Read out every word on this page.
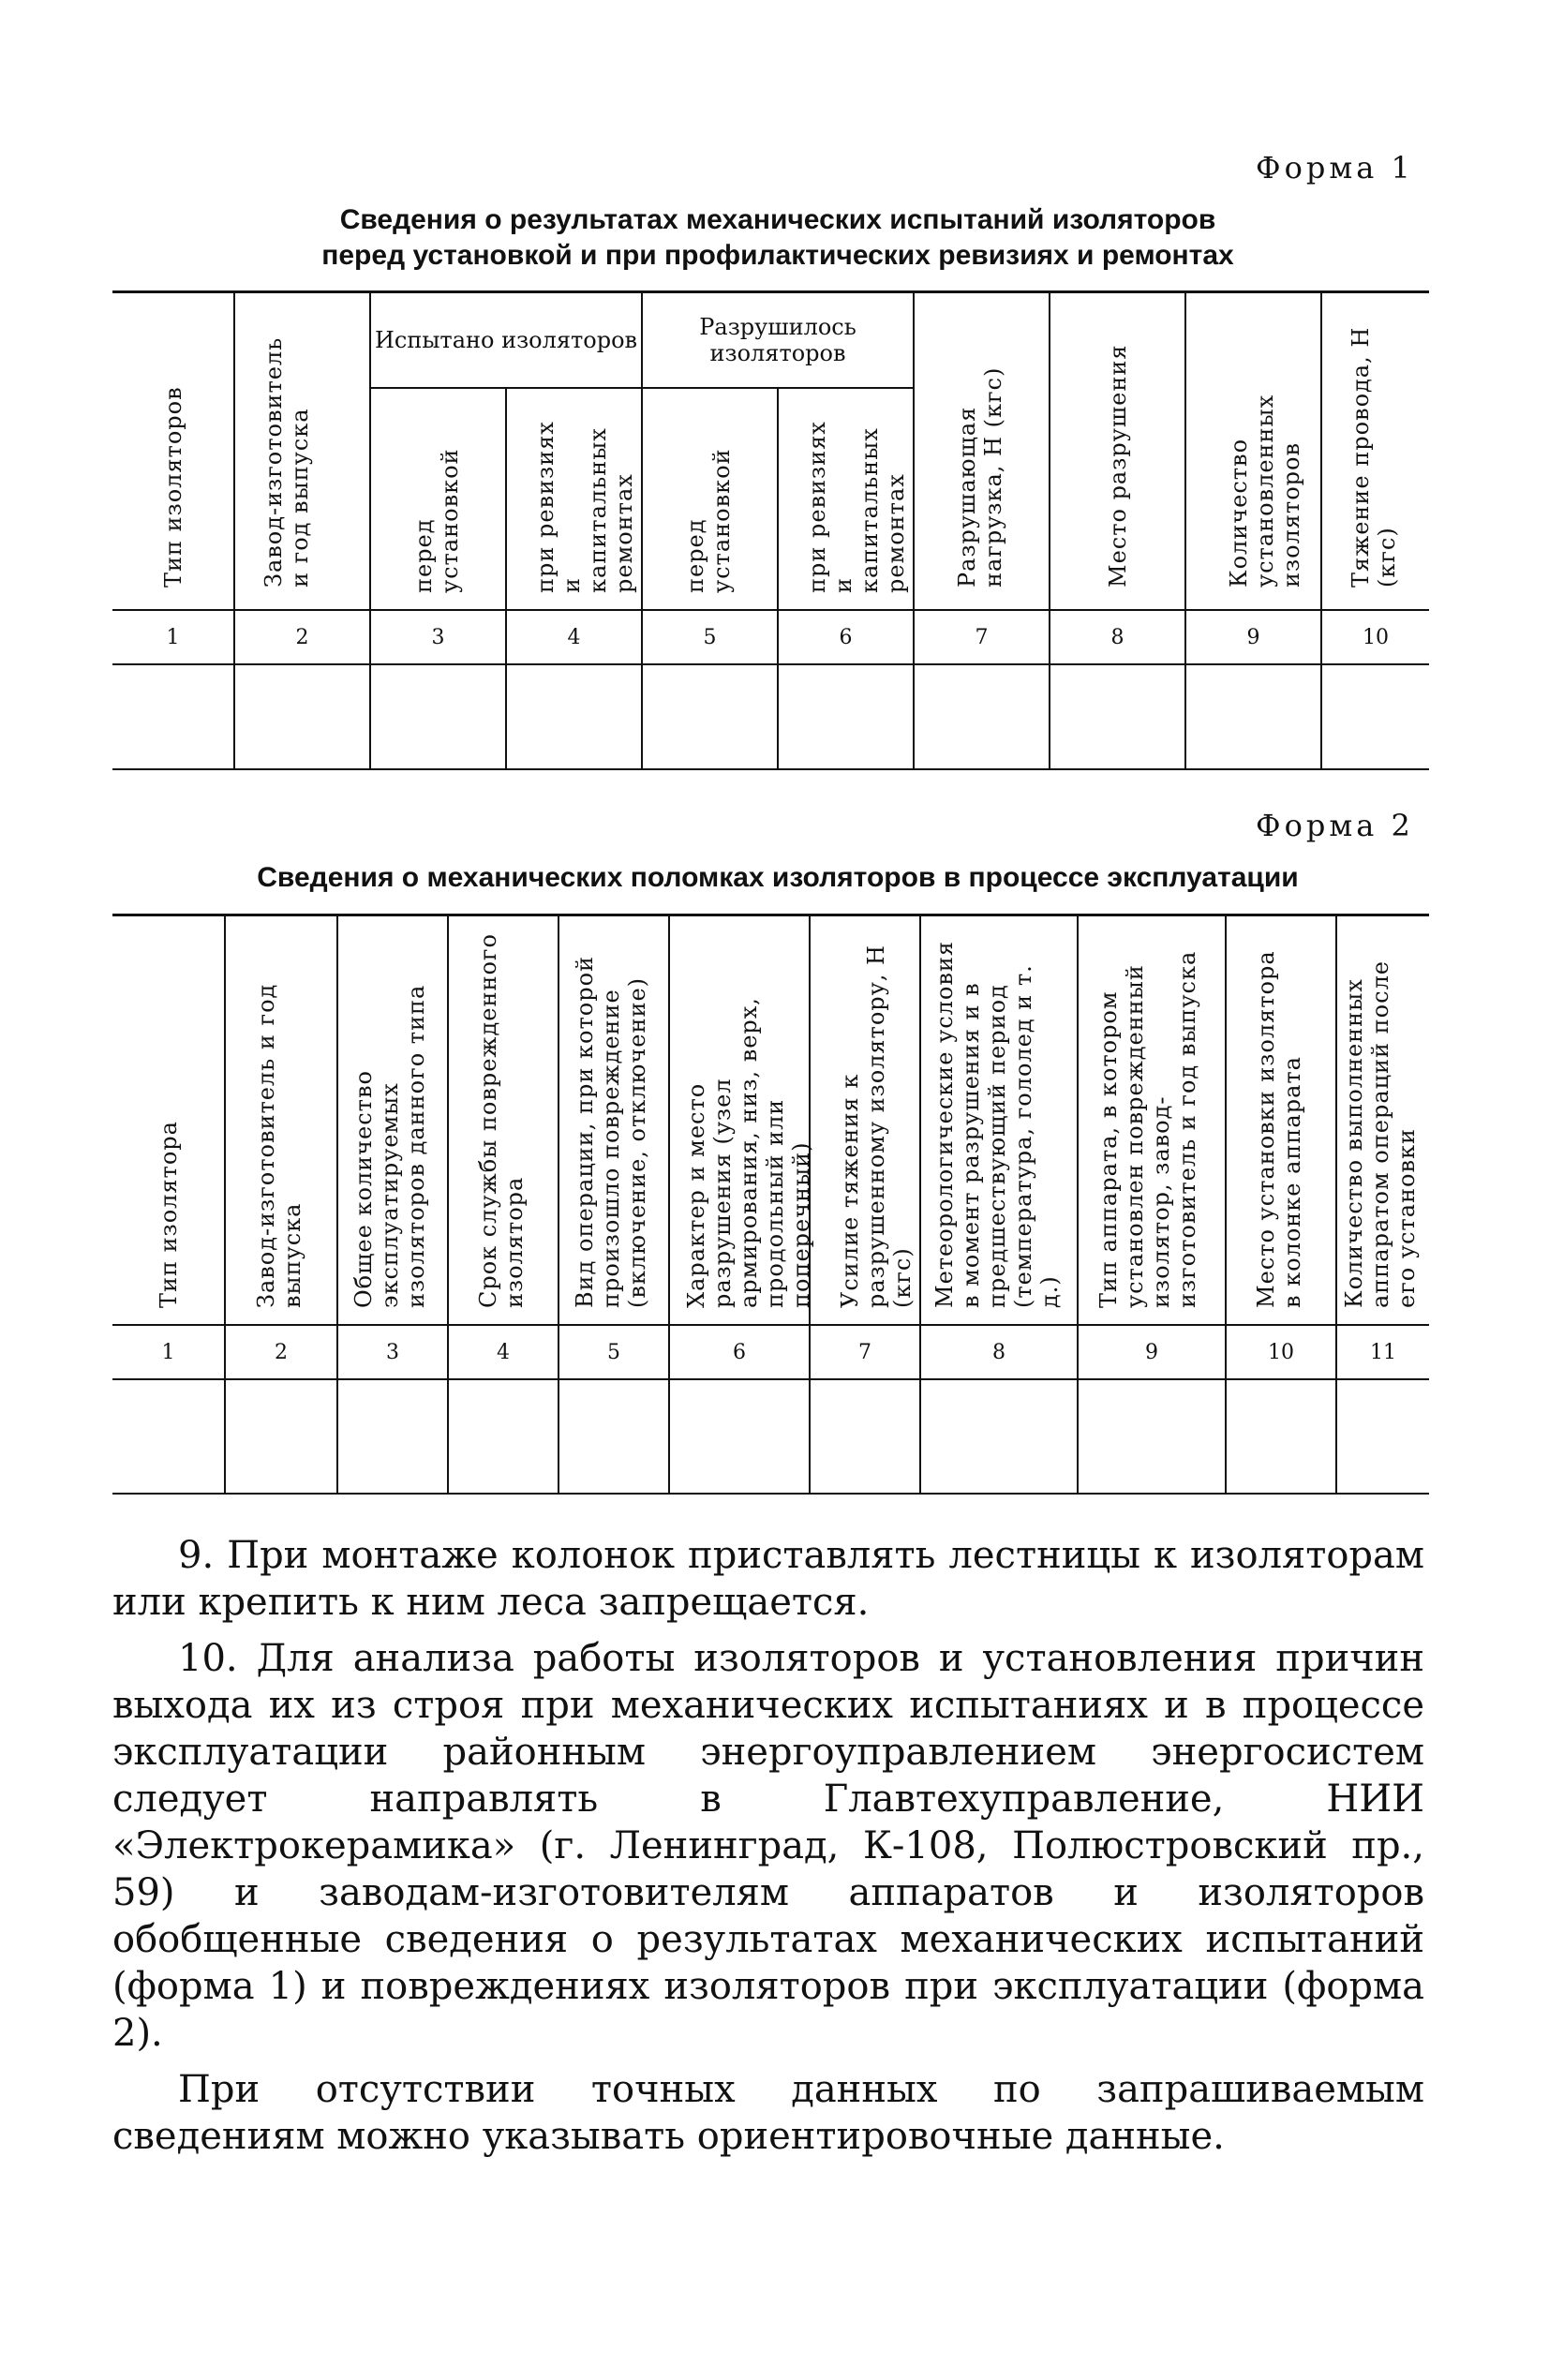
Форма 1
Сведения о результатах механических испытаний изоляторов
перед установкой и при профилактических ревизиях и ремонтах
Тип изоляторов	Завод-изготовитель и год выпуска	Испытано изоляторов		Разрушилось изоляторов		Разрушающая нагрузка, Н (кгс)	Место разрушения	Количество установленных изоляторов	Тяжение провода, Н (кгс)

		перед установкой	при ревизиях и капитальных ремонтах	перед установкой	при ревизиях и капитальных ремонтах				

1	2	3	4	5	6	7	8	9	10

Форма 2
Сведения о механических поломках изоляторов в процессе эксплуатации
Тип изолятора	Завод-изготовитель и год выпуска	Общее количество эксплуатируемых изоляторов данного типа	Срок службы поврежденного изолятора	Вид операции, при которой произошло повреждение (включение, отключение)	Характер и место разрушения (узел армирования, низ, верх, продольный или поперечный)	Усилие тяжения к разрушенному изолятору, Н (кгс)	Метеорологические условия в момент разрушения и в предшествующий период (температура, гололед и т. д.)	Тип аппарата, в котором установлен поврежденный изолятор, завод-изготовитель и год выпуска	Место установки изолятора в колонке аппарата	Количество выполненных аппаратом операций после его установки

1	2	3	4	5	6	7	8	9	10	11

9. При монтаже колонок приставлять лестницы к изоляторам или крепить к ним леса запрещается.

10. Для анализа работы изоляторов и установления причин выхода их из строя при механических испытаниях и в процессе эксплуатации районным энергоуправлением энергосистем следует направлять в Главтехуправление, НИИ «Электрокерамика» (г. Ленинград, К-108, Полюстровский пр., 59) и заводам-изготовителям аппаратов и изоляторов обобщенные сведения о результатах механических испытаний (форма 1) и повреждениях изоляторов при эксплуатации (форма 2).

При отсутствии точных данных по запрашиваемым сведениям можно указывать ориентировочные данные.
